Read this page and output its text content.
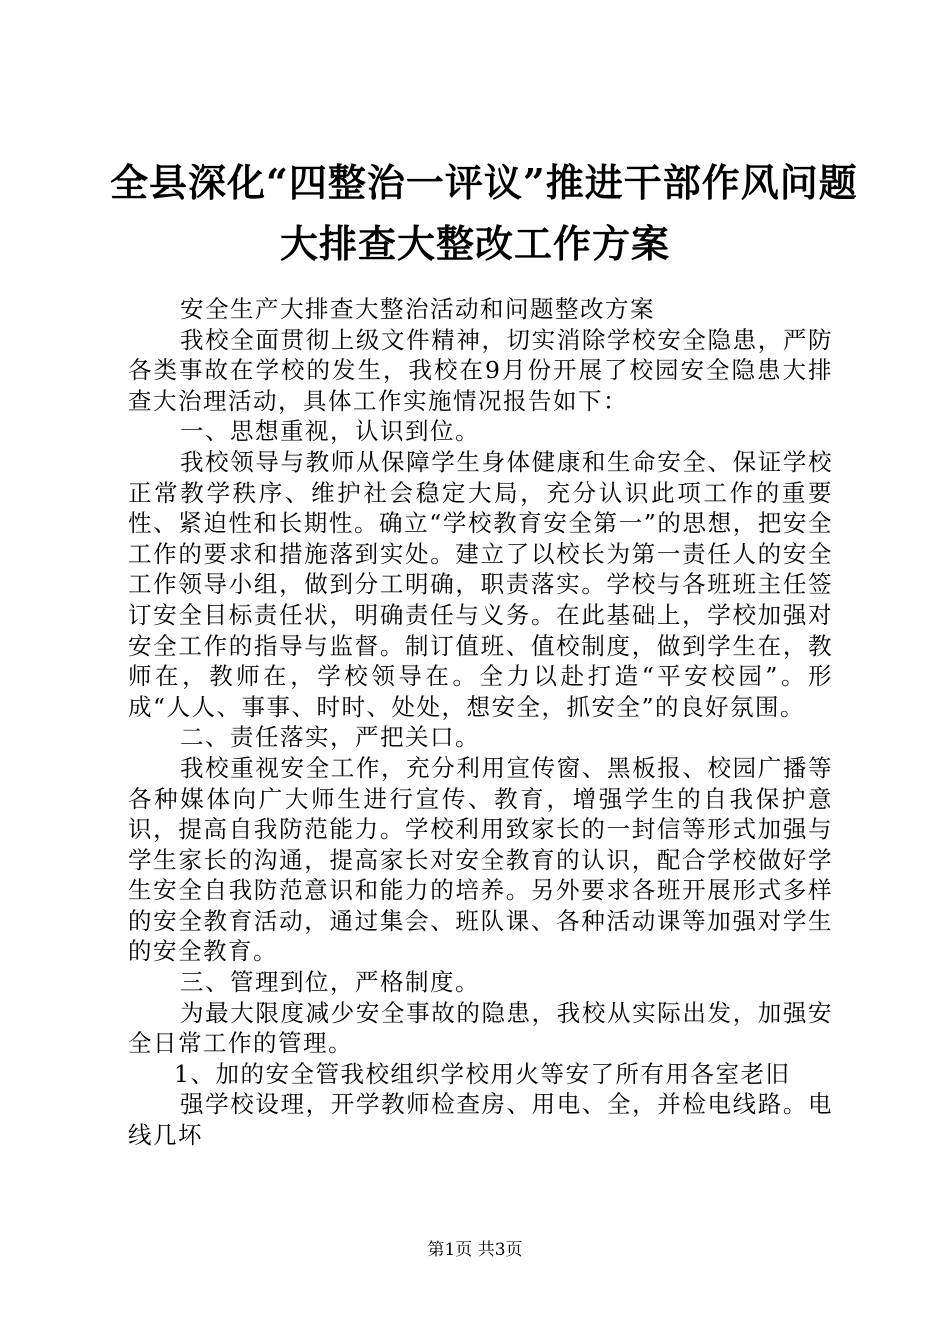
全县深化“四整治一评议”推进干部作风问题
大排查大整改工作方案

安全生产大排查大整治活动和问题整改方案

我校全面贯彻上级文件精神，切实消除学校安全隐患，严防各类事故在学校的发生，我校在9月份开展了校园安全隐患大排查大治理活动，具体工作实施情况报告如下：

一、思想重视，认识到位。

我校领导与教师从保障学生身体健康和生命安全、保证学校正常教学秩序、维护社会稳定大局，充分认识此项工作的重要性、紧迫性和长期性。确立“学校教育安全第一”的思想，把安全工作的要求和措施落到实处。建立了以校长为第一责任人的安全工作领导小组，做到分工明确，职责落实。学校与各班班主任签订安全目标责任状，明确责任与义务。在此基础上，学校加强对安全工作的指导与监督。制订值班、值校制度，做到学生在，教师在，教师在，学校领导在。全力以赴打造“平安校园”。形成“人人、事事、时时、处处，想安全，抓安全”的良好氛围。

二、责任落实，严把关口。

我校重视安全工作，充分利用宣传窗、黑板报、校园广播等各种媒体向广大师生进行宣传、教育，增强学生的自我保护意识，提高自我防范能力。学校利用致家长的一封信等形式加强与学生家长的沟通，提高家长对安全教育的认识，配合学校做好学生安全自我防范意识和能力的培养。另外要求各班开展形式多样的安全教育活动，通过集会、班队课、各种活动课等加强对学生的安全教育。

三、管理到位，严格制度。

为最大限度减少安全事故的隐患，我校从实际出发，加强安全日常工作的管理。

1、加的安全管我校组织学校用火等安了所有用各室老旧

强学校设理，开学教师检查房、用电、全，并检电线路。电线几坏

第1页 共3页
